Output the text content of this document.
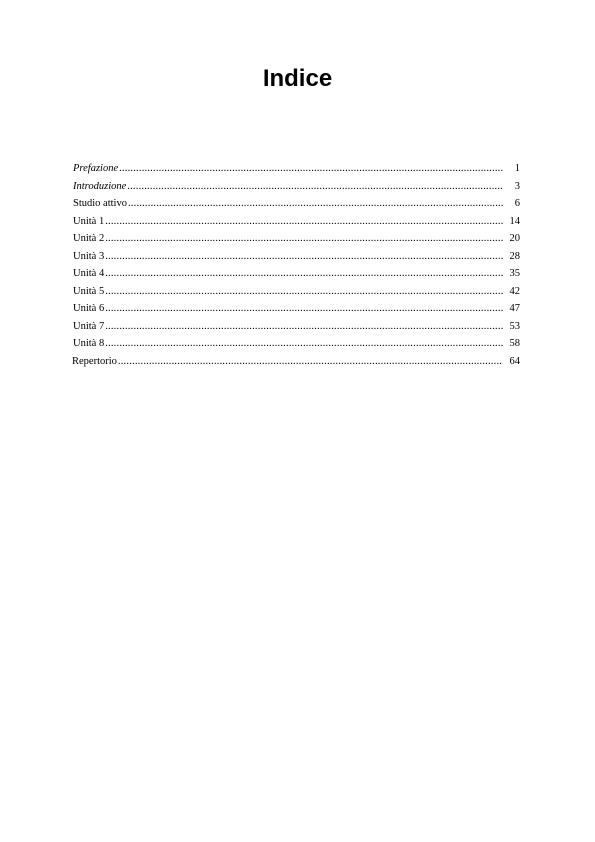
Indice
Prefazione .....	1
Introduzione .....	3
Studio attivo .....	6
Unità 1 .....	14
Unità 2 .....	20
Unità 3 .....	28
Unità 4 .....	35
Unità 5 .....	42
Unità 6 .....	47
Unità 7 .....	53
Unità 8 .....	58
Repertorio .....	64
